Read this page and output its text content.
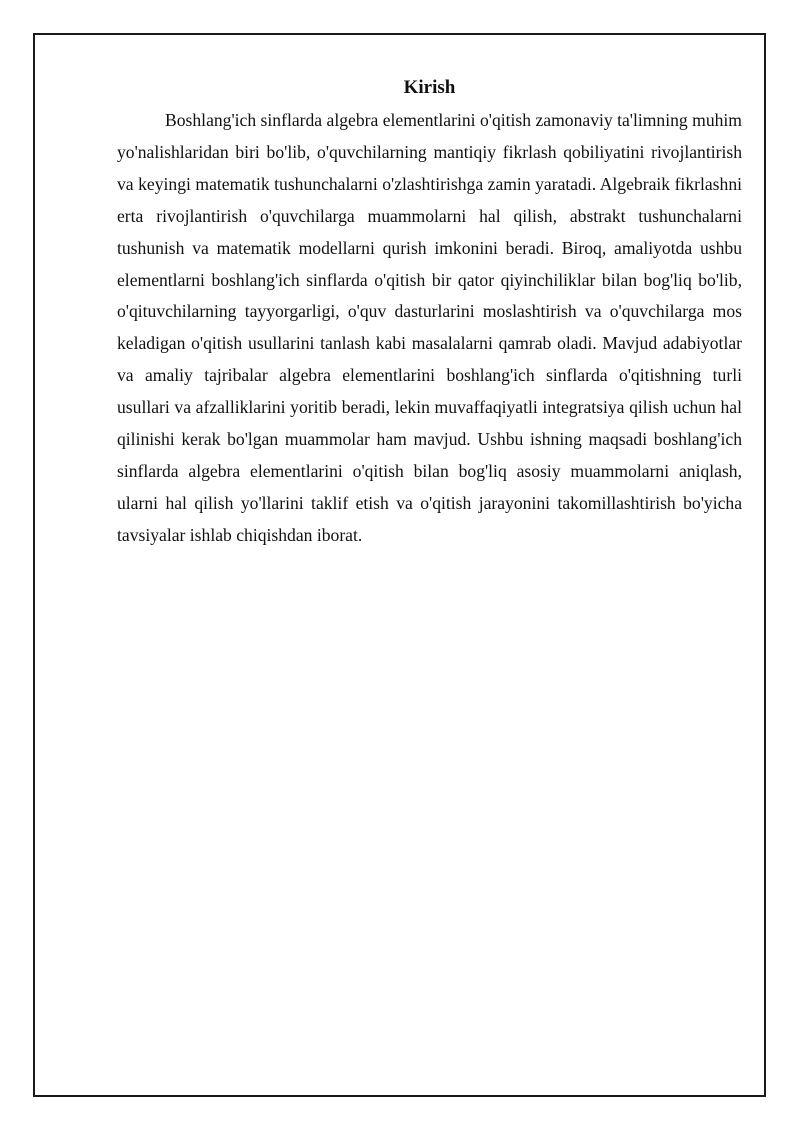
Kirish

Boshlang'ich sinflarda algebra elementlarini o'qitish zamonaviy ta'limning muhim yo'nalishlaridan biri bo'lib, o'quvchilarning mantiqiy fikrlash qobiliyatini rivojlantirish va keyingi matematik tushunchalarni o'zlashtirishga zamin yaratadi. Algebraik fikrlashni erta rivojlantirish o'quvchilarga muammolarni hal qilish, abstrakt tushunchalarni tushunish va matematik modellarni qurish imkonini beradi. Biroq, amaliyotda ushbu elementlarni boshlang'ich sinflarda o'qitish bir qator qiyinchiliklar bilan bog'liq bo'lib, o'qituvchilarning tayyorgarligi, o'quv dasturlarini moslashtirish va o'quvchilarga mos keladigan o'qitish usullarini tanlash kabi masalalarni qamrab oladi. Mavjud adabiyotlar va amaliy tajribalar algebra elementlarini boshlang'ich sinflarda o'qitishning turli usullari va afzalliklarini yoritib beradi, lekin muvaffaqiyatli integratsiya qilish uchun hal qilinishi kerak bo'lgan muammolar ham mavjud. Ushbu ishning maqsadi boshlang'ich sinflarda algebra elementlarini o'qitish bilan bog'liq asosiy muammolarni aniqlash, ularni hal qilish yo'llarini taklif etish va o'qitish jarayonini takomillashtirish bo'yicha tavsiyalar ishlab chiqishdan iborat.
